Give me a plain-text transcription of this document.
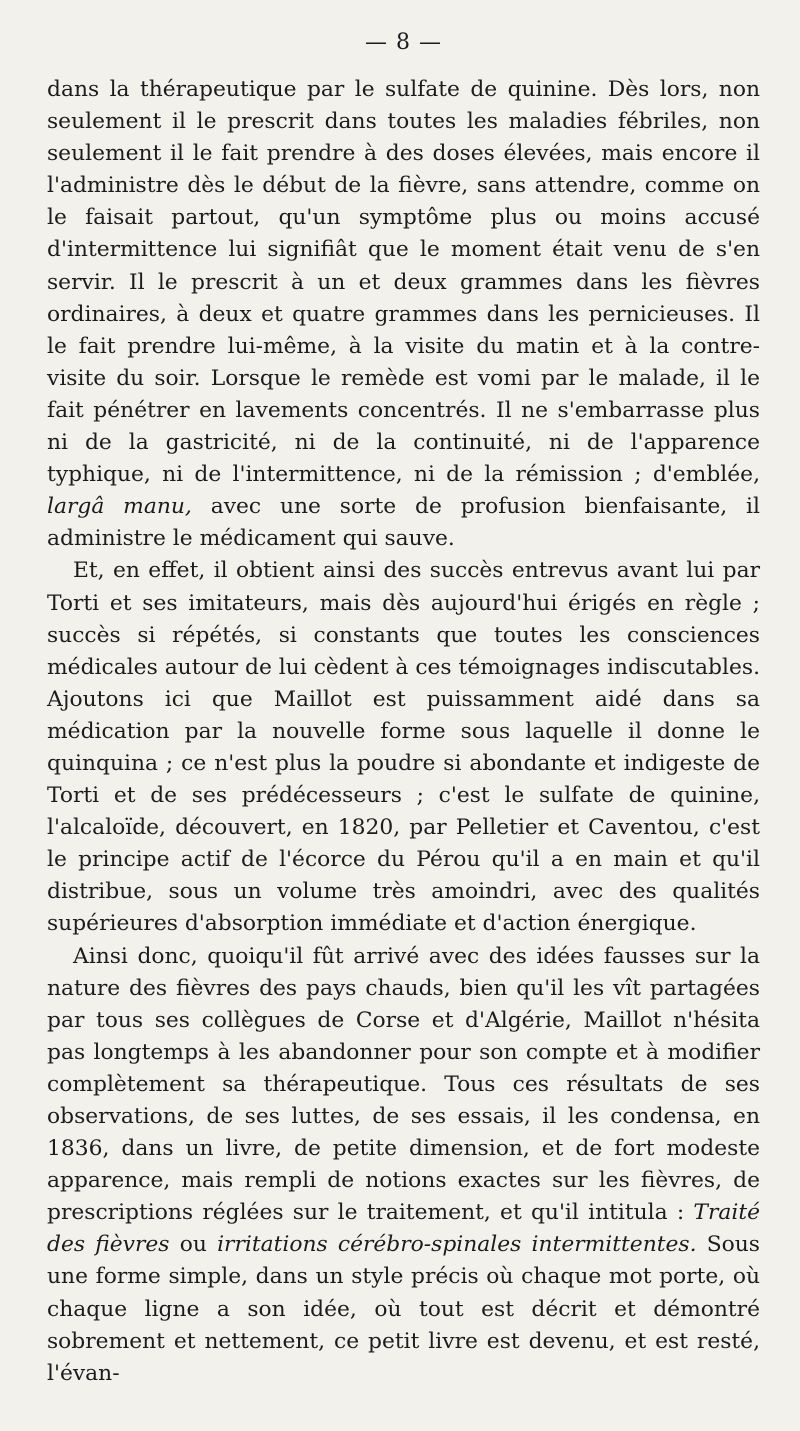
— 8 —

dans la thérapeutique par le sulfate de quinine. Dès lors, non seulement il le prescrit dans toutes les maladies fébriles, non seulement il le fait prendre à des doses élevées, mais encore il l'administre dès le début de la fièvre, sans attendre, comme on le faisait partout, qu'un symptôme plus ou moins accusé d'intermittence lui signifiât que le moment était venu de s'en servir. Il le prescrit à un et deux grammes dans les fièvres ordinaires, à deux et quatre grammes dans les pernicieuses. Il le fait prendre lui-même, à la visite du matin et à la contre-visite du soir. Lorsque le remède est vomi par le malade, il le fait pénétrer en lavements concentrés. Il ne s'embarrasse plus ni de la gastricité, ni de la continuité, ni de l'apparence typhique, ni de l'intermittence, ni de la rémission ; d'emblée, largâ manu, avec une sorte de profusion bienfaisante, il administre le médicament qui sauve.

Et, en effet, il obtient ainsi des succès entrevus avant lui par Torti et ses imitateurs, mais dès aujourd'hui érigés en règle ; succès si répétés, si constants que toutes les consciences médicales autour de lui cèdent à ces témoignages indiscutables. Ajoutons ici que Maillot est puissamment aidé dans sa médication par la nouvelle forme sous laquelle il donne le quinquina ; ce n'est plus la poudre si abondante et indigeste de Torti et de ses prédécesseurs ; c'est le sulfate de quinine, l'alcaloïde, découvert, en 1820, par Pelletier et Caventou, c'est le principe actif de l'écorce du Pérou qu'il a en main et qu'il distribue, sous un volume très amoindri, avec des qualités supérieures d'absorption immédiate et d'action énergique.

Ainsi donc, quoiqu'il fût arrivé avec des idées fausses sur la nature des fièvres des pays chauds, bien qu'il les vît partagées par tous ses collègues de Corse et d'Algérie, Maillot n'hésita pas longtemps à les abandonner pour son compte et à modifier complètement sa thérapeutique. Tous ces résultats de ses observations, de ses luttes, de ses essais, il les condensa, en 1836, dans un livre, de petite dimension, et de fort modeste apparence, mais rempli de notions exactes sur les fièvres, de prescriptions réglées sur le traitement, et qu'il intitula : Traité des fièvres ou irritations cérébro-spinales intermittentes. Sous une forme simple, dans un style précis où chaque mot porte, où chaque ligne a son idée, où tout est décrit et démontré sobrement et nettement, ce petit livre est devenu, et est resté, l'évan-
